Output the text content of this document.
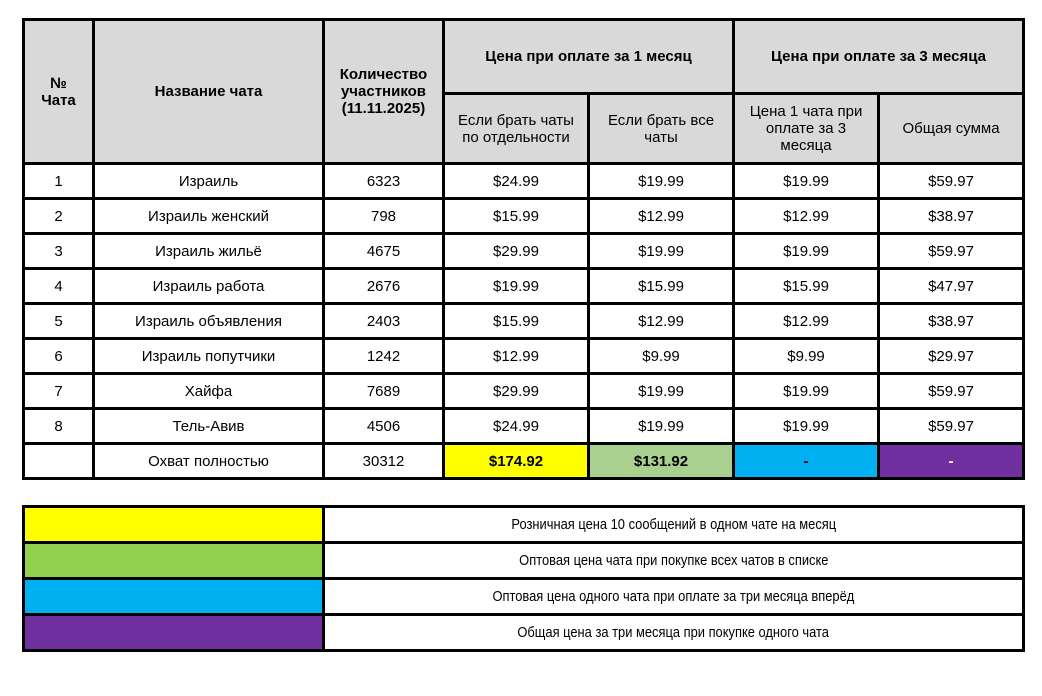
№ Чата	Название чата	Количество участников (11.11.2025)	Цена при оплате за 1 месяц		Цена при оплате за 3 месяца	
			Если брать чаты по отдельности	Если брать все чаты	Цена 1 чата при оплате за 3 месяца	Общая сумма
1	Израиль	6323	$24.99	$19.99	$19.99	$59.97
2	Израиль женский	798	$15.99	$12.99	$12.99	$38.97
3	Израиль жильё	4675	$29.99	$19.99	$19.99	$59.97
4	Израиль работа	2676	$19.99	$15.99	$15.99	$47.97
5	Израиль объявления	2403	$15.99	$12.99	$12.99	$38.97
6	Израиль попутчики	1242	$12.99	$9.99	$9.99	$29.97
7	Хайфа	7689	$29.99	$19.99	$19.99	$59.97
8	Тель-Авив	4506	$24.99	$19.99	$19.99	$59.97
	Охват полностью	30312	$174.92	$131.92	-	-
	Розничная цена 10 сообщений в одном чате на месяц
	Оптовая цена чата при покупке всех чатов в списке
	Оптовая цена одного чата при оплате за три месяца вперёд
	Общая цена за три месяца при покупке одного чата
